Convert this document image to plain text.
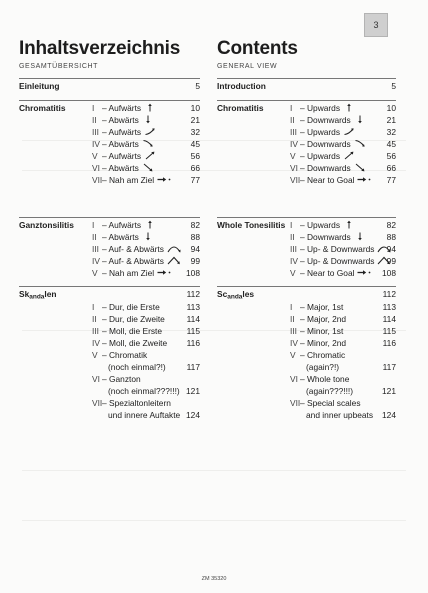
3
Inhaltsverzeichnis
GESAMTÜBERSICHT
Einleitung	5
Chromatitis	I – Aufwärts	10
II – Abwärts	21
III – Aufwärts	32
IV – Abwärts	45
V – Aufwärts	56
VI – Abwärts	66
VII – Nah am Ziel	77
Ganztonsilitis I – Aufwärts	82
II – Abwärts	88
III – Auf- & Abwärts	94
IV – Auf- & Abwärts	99
V – Nah am Ziel	108
Skandalen	112
I – Dur, die Erste	113
II – Dur, die Zweite	114
III – Moll, die Erste	115
IV – Moll, die Zweite 116
V – Chromatik
(noch einmal?!) 117
VI – Ganzton
(noch einmal???!!!) 121
VII – Spezialtonleitern
und innere Auftakte 124
Contents
GENERAL VIEW
Introduction	5
Chromatitis	I – Upwards	10
II – Downwards	21
III – Upwards	32
IV – Downwards	45
V – Upwards	56
VI – Downwards	66
VII – Near to Goal	77
Whole Tonesilitis I – Upwards	82
II – Downwards	88
III – Up- & Downwards	94
IV – Up- & Downwards	99
V – Near to Goal	108
Scandales	112
I – Major, 1st	113
II – Major, 2nd	114
III – Minor, 1st	115
IV – Minor, 2nd	116
V – Chromatic
(again?!)	117
VI – Whole tone
(again???!!!)	121
VII – Special scales
and inner upbeats 124
ZM 35320
